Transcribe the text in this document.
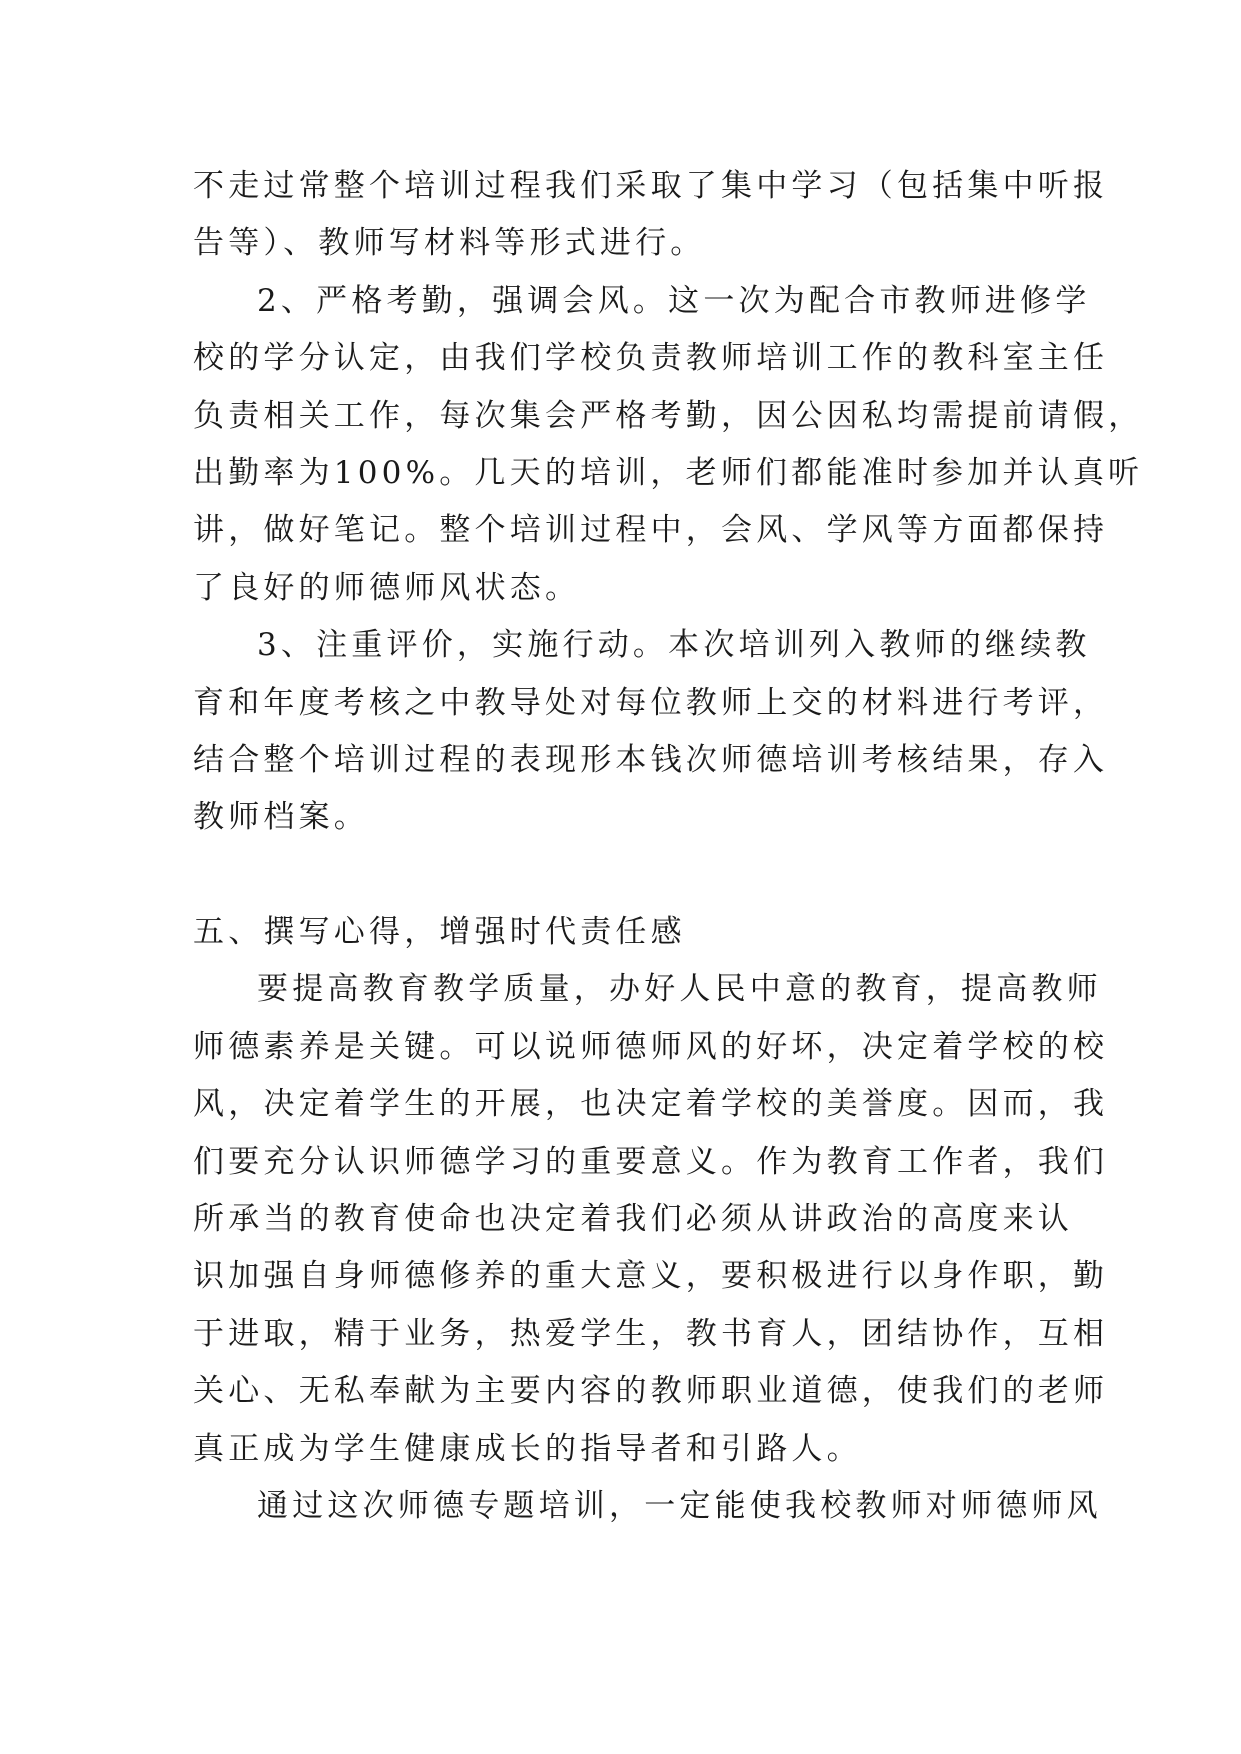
不走过常整个培训过程我们采取了集中学习（包括集中听报
告等）、教师写材料等形式进行。
2、严格考勤，强调会风。这一次为配合市教师进修学
校的学分认定，由我们学校负责教师培训工作的教科室主任
负责相关工作，每次集会严格考勤，因公因私均需提前请假，
出勤率为100%。几天的培训，老师们都能准时参加并认真听
讲，做好笔记。整个培训过程中，会风、学风等方面都保持
了良好的师德师风状态。
3、注重评价，实施行动。本次培训列入教师的继续教
育和年度考核之中教导处对每位教师上交的材料进行考评，
结合整个培训过程的表现形本钱次师德培训考核结果，存入
教师档案。
五、撰写心得，增强时代责任感
要提高教育教学质量，办好人民中意的教育，提高教师
师德素养是关键。可以说师德师风的好坏，决定着学校的校
风，决定着学生的开展，也决定着学校的美誉度。因而，我
们要充分认识师德学习的重要意义。作为教育工作者，我们
所承当的教育使命也决定着我们必须从讲政治的高度来认
识加强自身师德修养的重大意义，要积极进行以身作职，勤
于进取，精于业务，热爱学生，教书育人，团结协作，互相
关心、无私奉献为主要内容的教师职业道德，使我们的老师
真正成为学生健康成长的指导者和引路人。
通过这次师德专题培训，一定能使我校教师对师德师风
